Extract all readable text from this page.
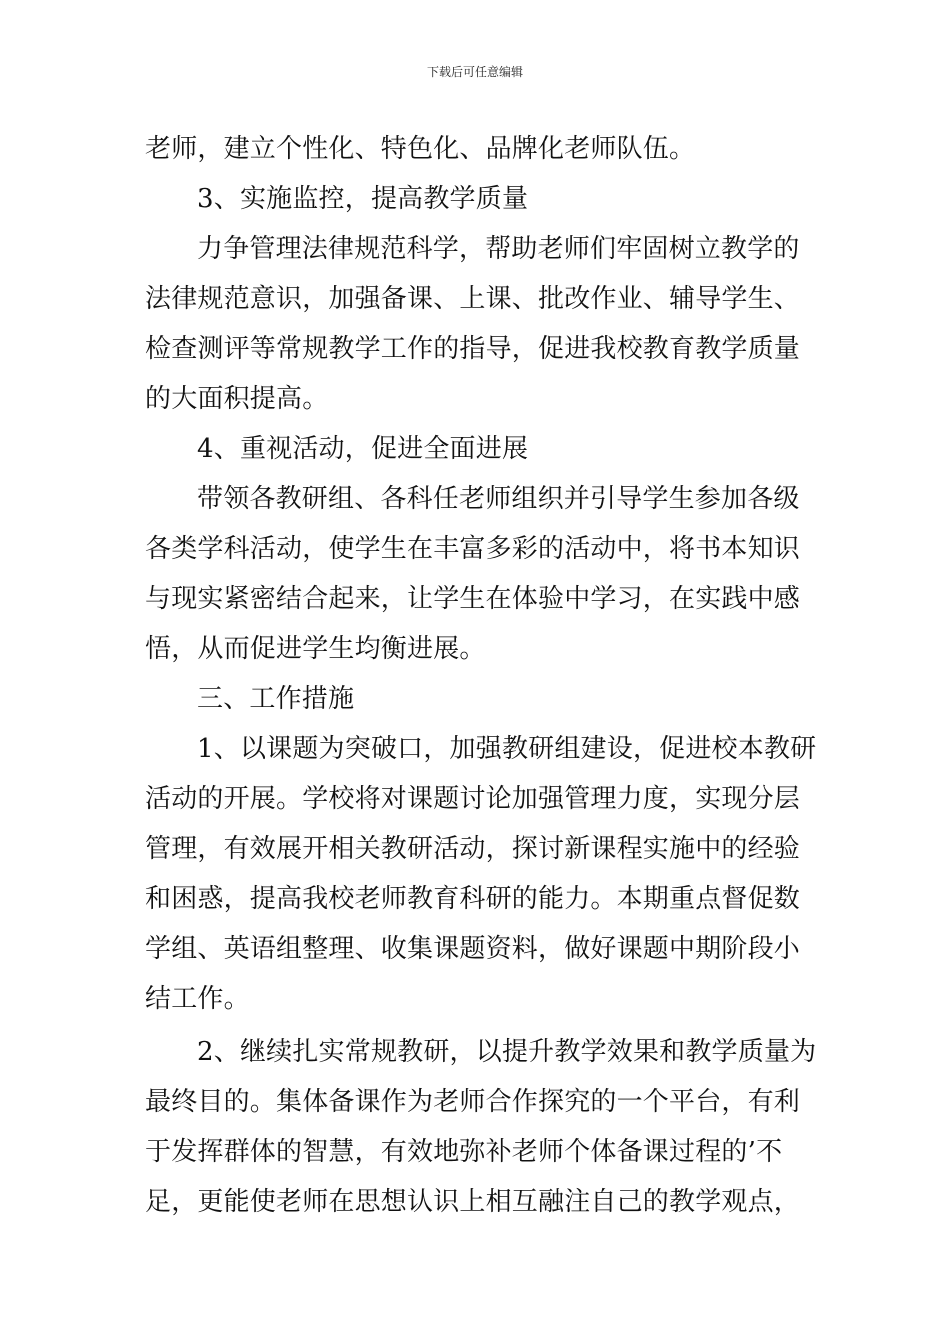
下载后可任意编辑
老师，建立个性化、特色化、品牌化老师队伍。
3、实施监控，提高教学质量
力争管理法律规范科学，帮助老师们牢固树立教学的
法律规范意识，加强备课、上课、批改作业、辅导学生、
检查测评等常规教学工作的指导，促进我校教育教学质量
的大面积提高。
4、重视活动，促进全面进展
带领各教研组、各科任老师组织并引导学生参加各级
各类学科活动，使学生在丰富多彩的活动中，将书本知识
与现实紧密结合起来，让学生在体验中学习，在实践中感
悟，从而促进学生均衡进展。
三、工作措施
1、以课题为突破口，加强教研组建设，促进校本教研
活动的开展。学校将对课题讨论加强管理力度，实现分层
管理，有效展开相关教研活动，探讨新课程实施中的经验
和困惑，提高我校老师教育科研的能力。本期重点督促数
学组、英语组整理、收集课题资料，做好课题中期阶段小
结工作。
2、继续扎实常规教研，以提升教学效果和教学质量为
最终目的。集体备课作为老师合作探究的一个平台，有利
于发挥群体的智慧，有效地弥补老师个体备课过程的’不
足，更能使老师在思想认识上相互融注自己的教学观点，
